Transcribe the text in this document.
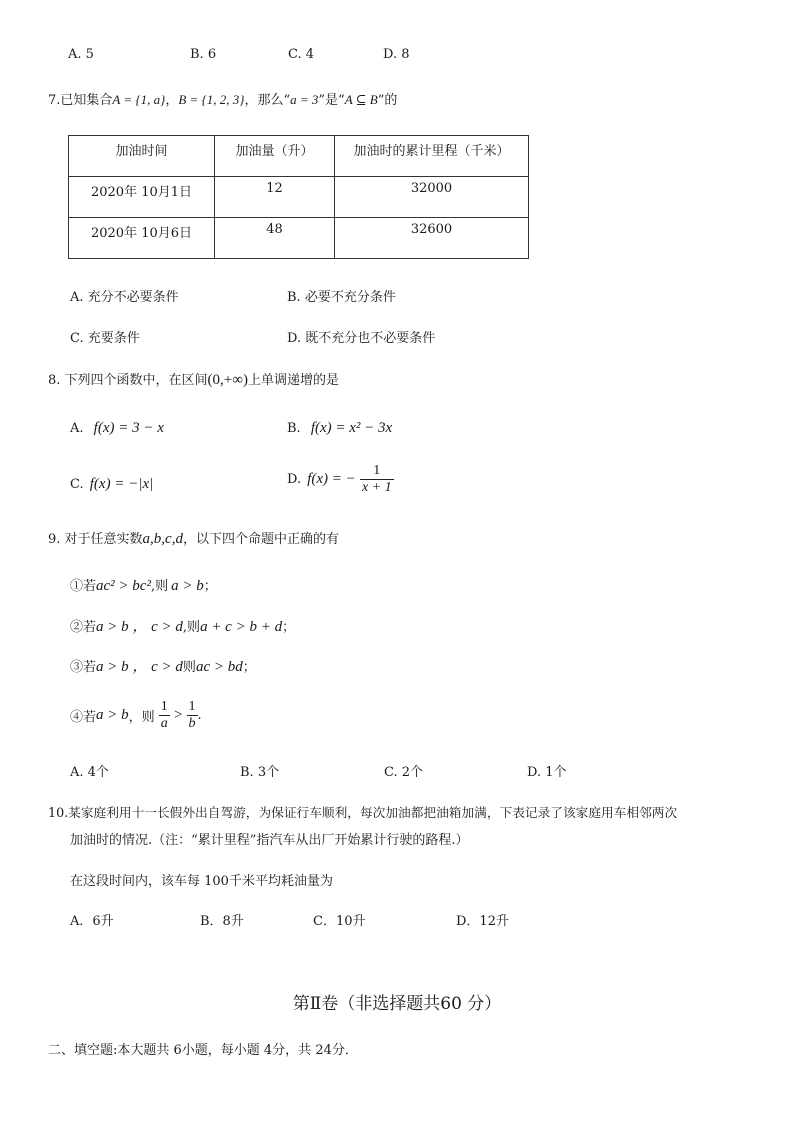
A. 5	B. 6	C. 4	D. 8
7.已知集合A = {1, a}，B = {1, 2, 3}，那么“a = 3”是“A ⊆ B”的
加油时间	加油量（升）	加油时的累计里程（千米）
2020年 10月1日	12	32000
2020年 10月6日	48	32600
A. 充分不必要条件	B. 必要不充分条件
C. 充要条件	D. 既不充分也不必要条件
8. 下列四个函数中，在区间(0,+∞)上单调递增的是
A. f(x) = 3 − x	B. f(x) = x² − 3x
C. f(x) = −|x|	D. f(x) = − $\frac{1}{x + 1}$
9. 对于任意实数a,b,c,d，以下四个命题中正确的有
①若ac² > bc²,则 a > b；
②若a > b ， c > d,则a + c > b + d；
③若a > b ， c > d则ac > bd；
④若a > b，则 $\frac{1}{a} > \frac{1}{b}$ .
A. 4个	B. 3个	C. 2个	D. 1个
10.某家庭利用十一长假外出自驾游，为保证行车顺利，每次加油都把油箱加满，下表记录了该家庭用车相邻两次
加油时的情况.（注：“累计里程”指汽车从出厂开始累计行驶的路程.）
在这段时间内，该车每 100千米平均耗油量为
A．6升	B．8升	C．10升	D．12升
第Ⅱ卷（非选择题共60 分）
二、填空题:本大题共 6小题，每小题 4分，共 24分．
